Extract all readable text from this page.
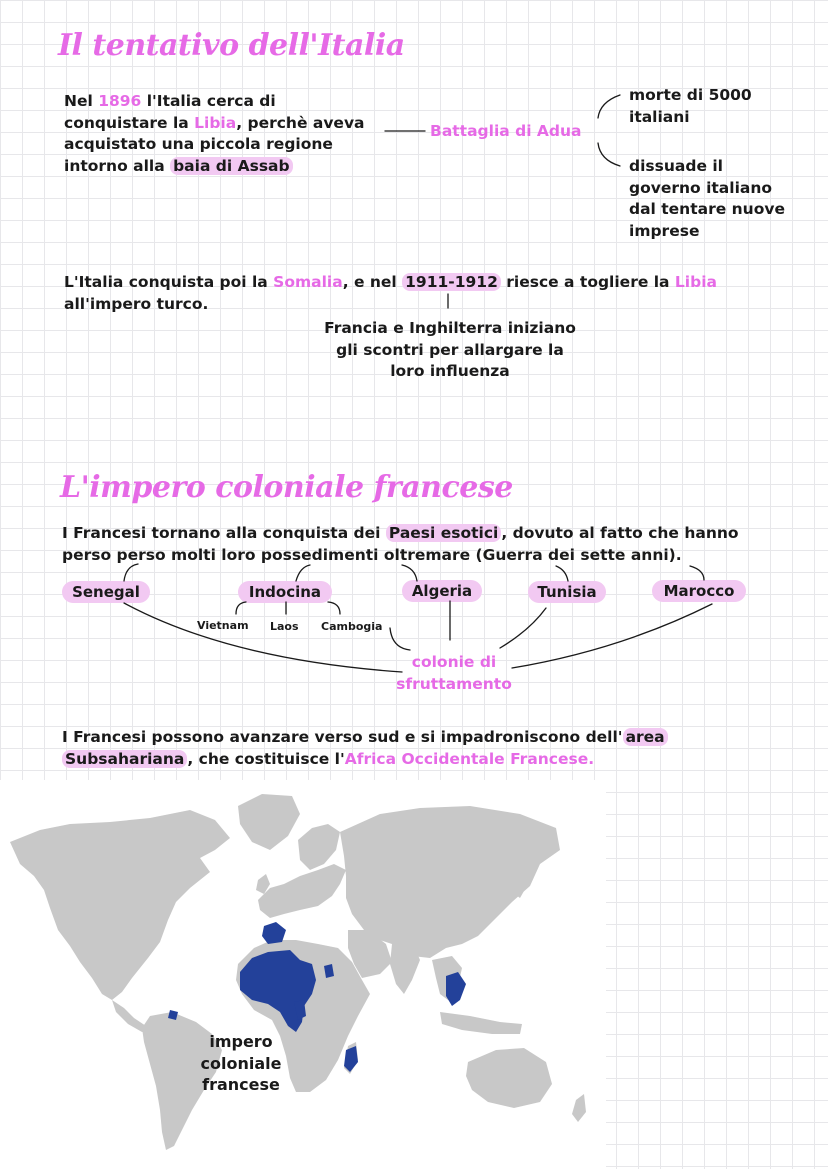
Il tentativo dell'Italia
Nel 1896 l'Italia cerca di
conquistare la Libia, perchè aveva
acquistato una piccola regione
intorno alla baia di Assab
Battaglia di Adua
morte di 5000
italiani
dissuade il
governo italiano
dal tentare nuove
imprese
L'Italia conquista poi la Somalia, e nel 1911-1912 riesce a togliere la Libia
all'impero turco.
Francia e Inghilterra iniziano
gli scontri per allargare la
loro influenza
L'impero coloniale francese
I Francesi tornano alla conquista dei Paesi esotici , dovuto al fatto che hanno
perso perso molti loro possedimenti oltremare (Guerra dei sette anni).
Senegal	Indocina	Algeria	Tunisia	Marocco
Vietnam Laos Cambogia
colonie di
sfruttamento
I Francesi possono avanzare verso sud e si impadroniscono dell' area
Subsahariana , che costituisce l'Africa Occidentale Francese.
impero
coloniale
francese
